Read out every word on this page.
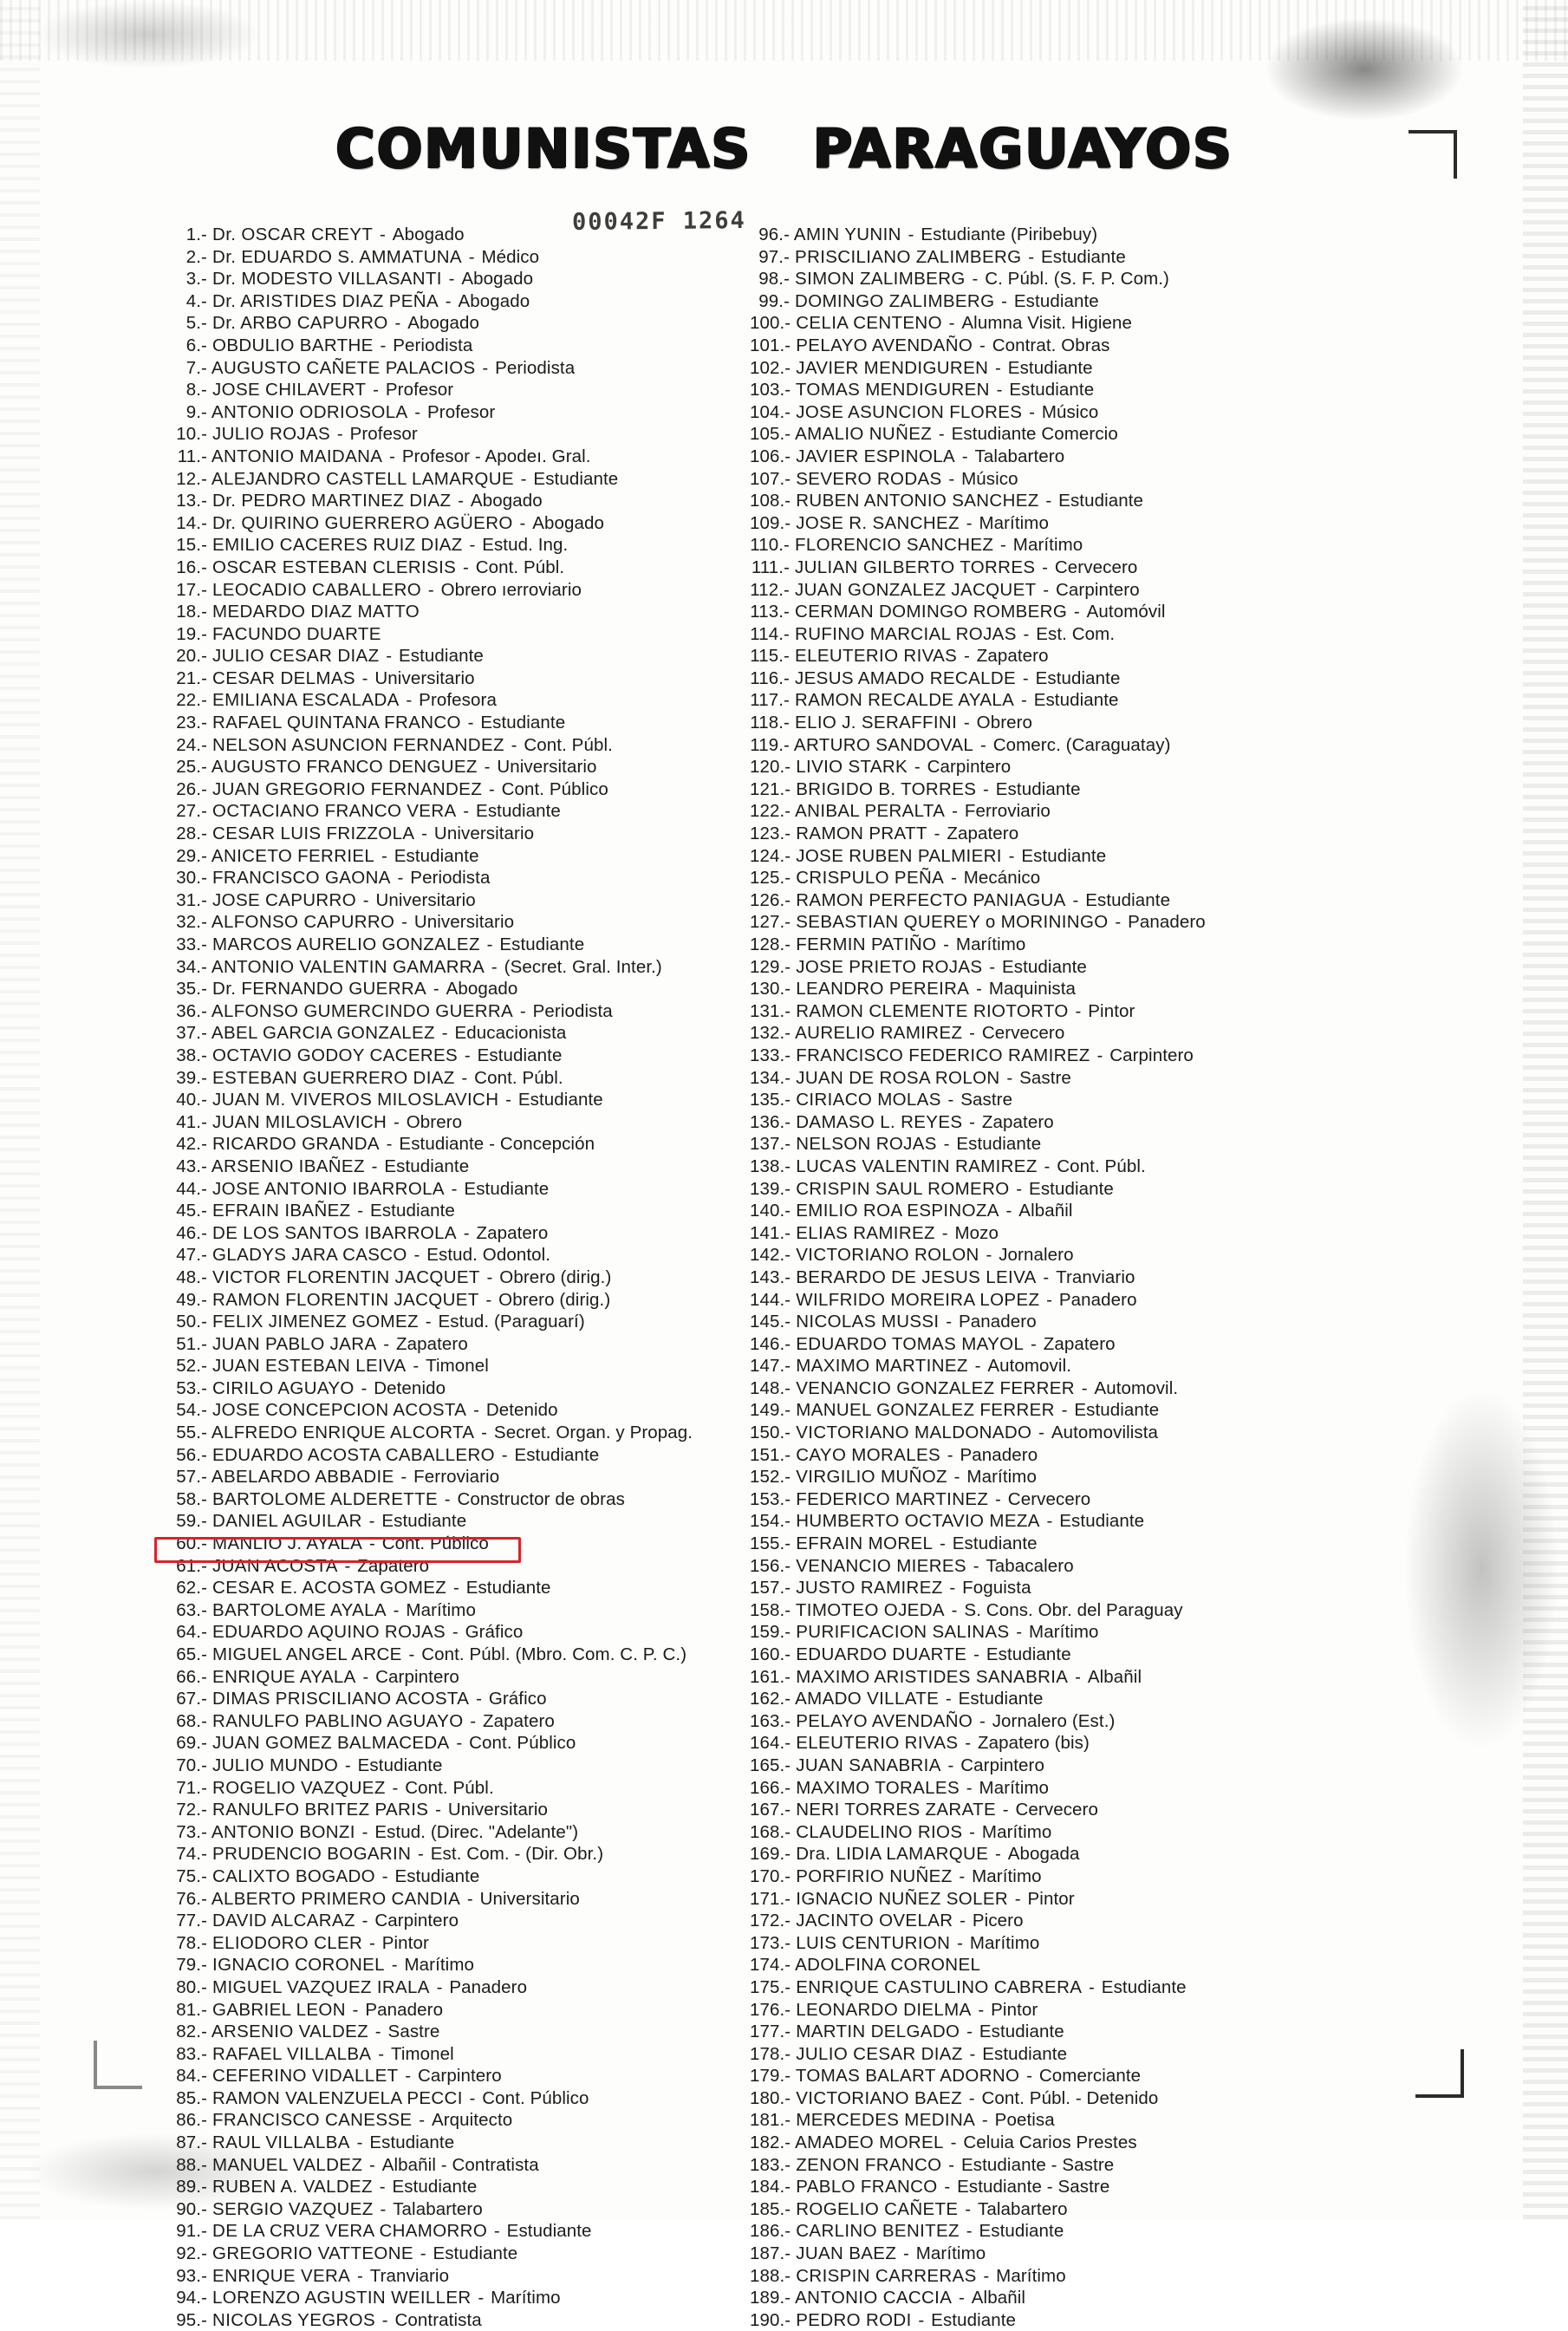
COMUNISTAS   PARAGUAYOS
00042F 1264
1.- Dr. OSCAR CREYT - Abogado
2.- Dr. EDUARDO S. AMMATUNA - Médico
3.- Dr. MODESTO VILLASANTI - Abogado
4.- Dr. ARISTIDES DIAZ PEÑA - Abogado
5.- Dr. ARBO CAPURRO - Abogado
6.- OBDULIO BARTHE - Periodista
7.- AUGUSTO CAÑETE PALACIOS - Periodista
8.- JOSE CHILAVERT - Profesor
9.- ANTONIO ODRIOSOLA - Profesor
10.- JULIO ROJAS - Profesor
11.- ANTONIO MAIDANA - Profesor - Apodeı. Gral.
12.- ALEJANDRO CASTELL LAMARQUE - Estudiante
13.- Dr. PEDRO MARTINEZ DIAZ - Abogado
14.- Dr. QUIRINO GUERRERO AGÜERO - Abogado
15.- EMILIO CACERES RUIZ DIAZ - Estud. Ing.
16.- OSCAR ESTEBAN CLERISIS - Cont. Públ.
17.- LEOCADIO CABALLERO - Obrero ıerroviario
18.- MEDARDO DIAZ MATTO
19.- FACUNDO DUARTE
20.- JULIO CESAR DIAZ - Estudiante
21.- CESAR DELMAS - Universitario
22.- EMILIANA ESCALADA - Profesora
23.- RAFAEL QUINTANA FRANCO - Estudiante
24.- NELSON ASUNCION FERNANDEZ - Cont. Públ.
25.- AUGUSTO FRANCO DENGUEZ - Universitario
26.- JUAN GREGORIO FERNANDEZ - Cont. Público
27.- OCTACIANO FRANCO VERA - Estudiante
28.- CESAR LUIS FRIZZOLA - Universitario
29.- ANICETO FERRIEL - Estudiante
30.- FRANCISCO GAONA - Periodista
31.- JOSE CAPURRO - Universitario
32.- ALFONSO CAPURRO - Universitario
33.- MARCOS AURELIO GONZALEZ - Estudiante
34.- ANTONIO VALENTIN GAMARRA - (Secret. Gral. Inter.)
35.- Dr. FERNANDO GUERRA - Abogado
36.- ALFONSO GUMERCINDO GUERRA - Periodista
37.- ABEL GARCIA GONZALEZ - Educacionista
38.- OCTAVIO GODOY CACERES - Estudiante
39.- ESTEBAN GUERRERO DIAZ - Cont. Públ.
40.- JUAN M. VIVEROS MILOSLAVICH - Estudiante
41.- JUAN MILOSLAVICH - Obrero
42.- RICARDO GRANDA - Estudiante - Concepción
43.- ARSENIO IBAÑEZ - Estudiante
44.- JOSE ANTONIO IBARROLA - Estudiante
45.- EFRAIN IBAÑEZ - Estudiante
46.- DE LOS SANTOS IBARROLA - Zapatero
47.- GLADYS JARA CASCO - Estud. Odontol.
48.- VICTOR FLORENTIN JACQUET - Obrero (dirig.)
49.- RAMON FLORENTIN JACQUET - Obrero (dirig.)
50.- FELIX JIMENEZ GOMEZ - Estud. (Paraguarí)
51.- JUAN PABLO JARA - Zapatero
52.- JUAN ESTEBAN LEIVA - Timonel
53.- CIRILO AGUAYO - Detenido
54.- JOSE CONCEPCION ACOSTA - Detenido
55.- ALFREDO ENRIQUE ALCORTA - Secret. Organ. y Propag.
56.- EDUARDO ACOSTA CABALLERO - Estudiante
57.- ABELARDO ABBADIE - Ferroviario
58.- BARTOLOME ALDERETTE - Constructor de obras
59.- DANIEL AGUILAR - Estudiante
60.- MANLIO J. AYALA - Cont. Público
61.- JUAN ACOSTA - Zapatero
62.- CESAR E. ACOSTA GOMEZ - Estudiante
63.- BARTOLOME AYALA - Marítimo
64.- EDUARDO AQUINO ROJAS - Gráfico
65.- MIGUEL ANGEL ARCE - Cont. Públ. (Mbro. Com. C. P. C.)
66.- ENRIQUE AYALA - Carpintero
67.- DIMAS PRISCILIANO ACOSTA - Gráfico
68.- RANULFO PABLINO AGUAYO - Zapatero
69.- JUAN GOMEZ BALMACEDA - Cont. Público
70.- JULIO MUNDO - Estudiante
71.- ROGELIO VAZQUEZ - Cont. Públ.
72.- RANULFO BRITEZ PARIS - Universitario
73.- ANTONIO BONZI - Estud. (Direc. "Adelante")
74.- PRUDENCIO BOGARIN - Est. Com. - (Dir. Obr.)
75.- CALIXTO BOGADO - Estudiante
76.- ALBERTO PRIMERO CANDIA - Universitario
77.- DAVID ALCARAZ - Carpintero
78.- ELIODORO CLER - Pintor
79.- IGNACIO CORONEL - Marítimo
80.- MIGUEL VAZQUEZ IRALA - Panadero
81.- GABRIEL LEON - Panadero
82.- ARSENIO VALDEZ - Sastre
83.- RAFAEL VILLALBA - Timonel
84.- CEFERINO VIDALLET - Carpintero
85.- RAMON VALENZUELA PECCI - Cont. Público
86.- FRANCISCO CANESSE - Arquitecto
87.- RAUL VILLALBA - Estudiante
88.- MANUEL VALDEZ - Albañil - Contratista
89.- RUBEN A. VALDEZ - Estudiante
90.- SERGIO VAZQUEZ - Talabartero
91.- DE LA CRUZ VERA CHAMORRO - Estudiante
92.- GREGORIO VATTEONE - Estudiante
93.- ENRIQUE VERA - Tranviario
94.- LORENZO AGUSTIN WEILLER - Marítimo
95.- NICOLAS YEGROS - Contratista
96.- AMIN YUNIN - Estudiante (Piribebuy)
97.- PRISCILIANO ZALIMBERG - Estudiante
98.- SIMON ZALIMBERG - C. Públ. (S. F. P. Com.)
99.- DOMINGO ZALIMBERG - Estudiante
100.- CELIA CENTENO - Alumna Visit. Higiene
101.- PELAYO AVENDAÑO - Contrat. Obras
102.- JAVIER MENDIGUREN - Estudiante
103.- TOMAS MENDIGUREN - Estudiante
104.- JOSE ASUNCION FLORES - Músico
105.- AMALIO NUÑEZ - Estudiante Comercio
106.- JAVIER ESPINOLA - Talabartero
107.- SEVERO RODAS - Músico
108.- RUBEN ANTONIO SANCHEZ - Estudiante
109.- JOSE R. SANCHEZ - Marítimo
110.- FLORENCIO SANCHEZ - Marítimo
111.- JULIAN GILBERTO TORRES - Cervecero
112.- JUAN GONZALEZ JACQUET - Carpintero
113.- CERMAN DOMINGO ROMBERG - Automóvil
114.- RUFINO MARCIAL ROJAS - Est. Com.
115.- ELEUTERIO RIVAS - Zapatero
116.- JESUS AMADO RECALDE - Estudiante
117.- RAMON RECALDE AYALA - Estudiante
118.- ELIO J. SERAFFINI - Obrero
119.- ARTURO SANDOVAL - Comerc. (Caraguatay)
120.- LIVIO STARK - Carpintero
121.- BRIGIDO B. TORRES - Estudiante
122.- ANIBAL PERALTA - Ferroviario
123.- RAMON PRATT - Zapatero
124.- JOSE RUBEN PALMIERI - Estudiante
125.- CRISPULO PEÑA - Mecánico
126.- RAMON PERFECTO PANIAGUA - Estudiante
127.- SEBASTIAN QUEREY o MORININGO - Panadero
128.- FERMIN PATIÑO - Marítimo
129.- JOSE PRIETO ROJAS - Estudiante
130.- LEANDRO PEREIRA - Maquinista
131.- RAMON CLEMENTE RIOTORTO - Pintor
132.- AURELIO RAMIREZ - Cervecero
133.- FRANCISCO FEDERICO RAMIREZ - Carpintero
134.- JUAN DE ROSA ROLON - Sastre
135.- CIRIACO MOLAS - Sastre
136.- DAMASO L. REYES - Zapatero
137.- NELSON ROJAS - Estudiante
138.- LUCAS VALENTIN RAMIREZ - Cont. Públ.
139.- CRISPIN SAUL ROMERO - Estudiante
140.- EMILIO ROA ESPINOZA - Albañil
141.- ELIAS RAMIREZ - Mozo
142.- VICTORIANO ROLON - Jornalero
143.- BERARDO DE JESUS LEIVA - Tranviario
144.- WILFRIDO MOREIRA LOPEZ - Panadero
145.- NICOLAS MUSSI - Panadero
146.- EDUARDO TOMAS MAYOL - Zapatero
147.- MAXIMO MARTINEZ - Automovil.
148.- VENANCIO GONZALEZ FERRER - Automovil.
149.- MANUEL GONZALEZ FERRER - Estudiante
150.- VICTORIANO MALDONADO - Automovilista
151.- CAYO MORALES - Panadero
152.- VIRGILIO MUÑOZ - Marítimo
153.- FEDERICO MARTINEZ - Cervecero
154.- HUMBERTO OCTAVIO MEZA - Estudiante
155.- EFRAIN MOREL - Estudiante
156.- VENANCIO MIERES - Tabacalero
157.- JUSTO RAMIREZ - Foguista
158.- TIMOTEO OJEDA - S. Cons. Obr. del Paraguay
159.- PURIFICACION SALINAS - Marítimo
160.- EDUARDO DUARTE - Estudiante
161.- MAXIMO ARISTIDES SANABRIA - Albañil
162.- AMADO VILLATE - Estudiante
163.- PELAYO AVENDAÑO - Jornalero (Est.)
164.- ELEUTERIO RIVAS - Zapatero (bis)
165.- JUAN SANABRIA - Carpintero
166.- MAXIMO TORALES - Marítimo
167.- NERI TORRES ZARATE - Cervecero
168.- CLAUDELINO RIOS - Marítimo
169.- Dra. LIDIA LAMARQUE - Abogada
170.- PORFIRIO NUÑEZ - Marítimo
171.- IGNACIO NUÑEZ SOLER - Pintor
172.- JACINTO OVELAR - Picero
173.- LUIS CENTURION - Marítimo
174.- ADOLFINA CORONEL
175.- ENRIQUE CASTULINO CABRERA - Estudiante
176.- LEONARDO DIELMA - Pintor
177.- MARTIN DELGADO - Estudiante
178.- JULIO CESAR DIAZ - Estudiante
179.- TOMAS BALART ADORNO - Comerciante
180.- VICTORIANO BAEZ - Cont. Públ. - Detenido
181.- MERCEDES MEDINA - Poetisa
182.- AMADEO MOREL - Celuia Carios Prestes
183.- ZENON FRANCO - Estudiante - Sastre
184.- PABLO FRANCO - Estudiante - Sastre
185.- ROGELIO CAÑETE - Talabartero
186.- CARLINO BENITEZ - Estudiante
187.- JUAN BAEZ - Marítimo
188.- CRISPIN CARRERAS - Marítimo
189.- ANTONIO CACCIA - Albañil
190.- PEDRO RODI - Estudiante
